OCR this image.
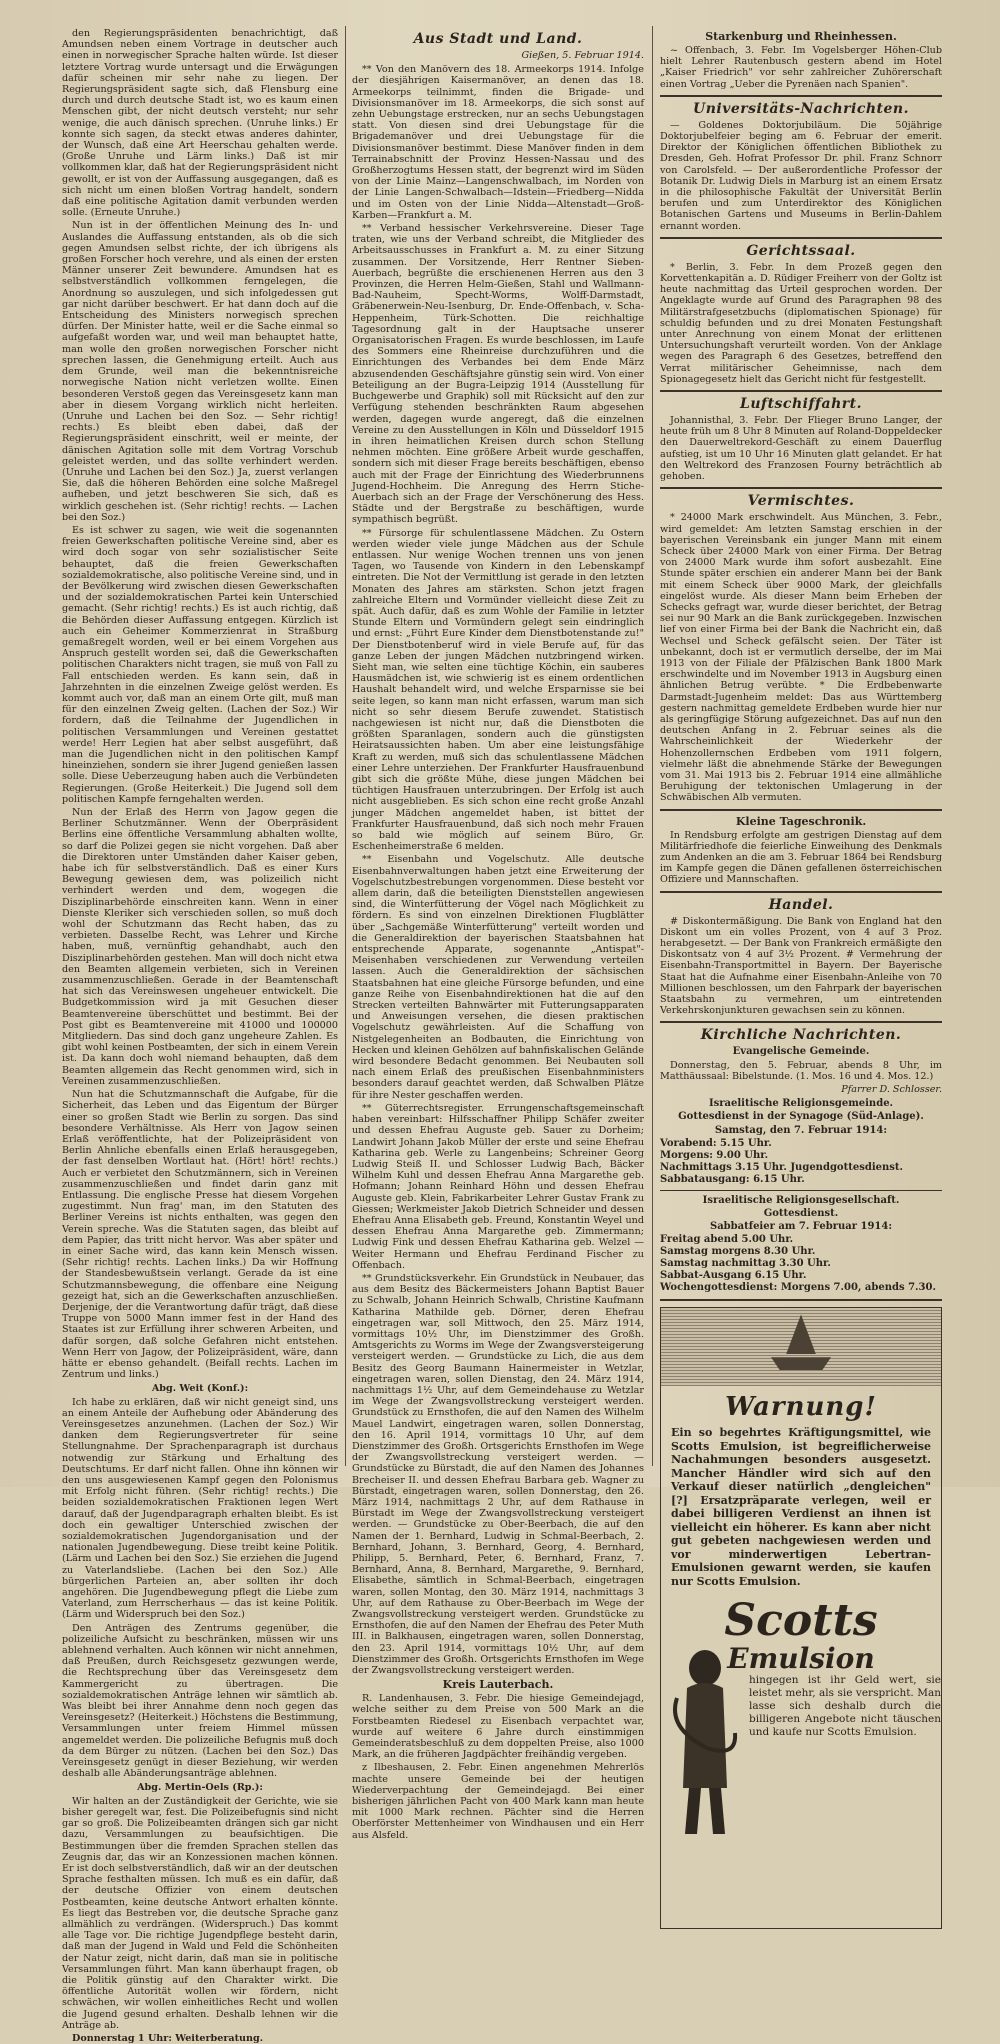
den Regierungspräsidenten benachrichtigt, daß Amundsen neben einem Vortrage in deutscher auch einen in norwegischer Sprache halten würde. Ist dieser letztere Vortrag wurde untersagt und die Erwägungen dafür scheinen mir sehr nahe zu liegen. Der Regierungspräsident sagte sich, daß Flensburg eine durch und durch deutsche Stadt ist, wo es kaum einen Menschen gibt, der nicht deutsch versteht; nur sehr wenige, die auch dänisch sprechen. (Unruhe links.) Er konnte sich sagen, da steckt etwas anderes dahinter, der Wunsch, daß eine Art Heerschau gehalten werde. (Große Unruhe und Lärm links.) Daß ist mir vollkommen klar, daß hat der Regierungspräsident nicht gewollt, er ist von der Auffassung ausgegangen, daß es sich nicht um einen bloßen Vortrag handelt, sondern daß eine politische Agitation damit verbunden werden solle. (Erneute Unruhe.)

Nun ist in der öffentlichen Meinung des In- und Auslandes die Auffassung entstanden, als ob die sich gegen Amundsen selbst richte, der ich übrigens als großen Forscher hoch verehre, und als einen der ersten Männer unserer Zeit bewundere. Amundsen hat es selbstverständlich vollkommen ferngelegen, die Anordnung so auszulegen, und sich infolgedessen gut gar nicht darüber beschwert. Er hat dann doch auf die Entscheidung des Ministers norwegisch sprechen dürfen. Der Minister hatte, weil er die Sache einmal so aufgefaßt worden war, und weil man behauptet hatte, man wolle den großen norwegischen Forscher nicht sprechen lassen, die Genehmigung erteilt. Auch aus dem Grunde, weil man die bekenntnisreiche norwegische Nation nicht verletzen wollte. Einen besonderen Verstoß gegen das Vereinsgesetz kann man aber in diesem Vorgang wirklich nicht herleiten. (Unruhe und Lachen bei den Soz. — Sehr richtig! rechts.) Es bleibt eben dabei, daß der Regierungspräsident einschritt, weil er meinte, der dänischen Agitation solle mit dem Vortrag Vorschub geleistet werden, und das sollte verhindert werden. (Unruhe und Lachen bei den Soz.) Ja, zuerst verlangen Sie, daß die höheren Behörden eine solche Maßregel aufheben, und jetzt beschweren Sie sich, daß es wirklich geschehen ist. (Sehr richtig! rechts. — Lachen bei den Soz.)

Es ist schwer zu sagen, wie weit die sogenannten freien Gewerkschaften politische Vereine sind, aber es wird doch sogar von sehr sozialistischer Seite behauptet, daß die freien Gewerkschaften sozialdemokratische, also politische Vereine sind, und in der Bevölkerung wird zwischen diesen Gewerkschaften und der sozialdemokratischen Partei kein Unterschied gemacht. (Sehr richtig! rechts.) Es ist auch richtig, daß die Behörden dieser Auffassung entgegen. Kürzlich ist auch ein Geheimer Kommerzienrat in Straßburg gemaßregelt worden, weil er bei einem Vorgehen aus Anspruch gestellt worden sei, daß die Gewerkschaften politischen Charakters nicht tragen, sie muß von Fall zu Fall entschieden werden. Es kann sein, daß in Jahrzehnten in die einzelnen Zweige gelöst werden. Es kommt auch vor, daß man an einem Orte gilt, muß man für den einzelnen Zweig gelten. (Lachen der Soz.) Wir fordern, daß die Teilnahme der Jugendlichen in politischen Versammlungen und Vereinen gestattet werde! Herr Legien hat aber selbst ausgeführt, daß man die Jugendlichen nicht in den politischen Kampf hineinziehen, sondern sie ihrer Jugend genießen lassen solle. Diese Ueberzeugung haben auch die Verbündeten Regierungen. (Große Heiterkeit.) Die Jugend soll dem politischen Kampfe ferngehalten werden.

Nun der Erlaß des Herrn von Jagow gegen die Berliner Schutzmänner. Wenn der Oberpräsident Berlins eine öffentliche Versammlung abhalten wollte, so darf die Polizei gegen sie nicht vorgehen. Daß aber die Direktoren unter Umständen daher Kaiser geben, habe ich für selbstverständlich. Daß es einer Kurs Bewegung gewiesen dem, was polizeilich nicht verhindert werden und dem, wogegen die Disziplinarbehörde einschreiten kann. Wenn in einer Dienste Kleriker sich verschieden sollen, so muß doch wohl der Schutzmann das Recht haben, das zu verbieten. Dasselbe Recht, was Lehrer und Kirche haben, muß, vernünftig gehandhabt, auch den Disziplinarbehörden gestehen. Man will doch nicht etwa den Beamten allgemein verbieten, sich in Vereinen zusammenzuschließen. Gerade in der Beamtenschaft hat sich das Vereinswesen ungeheuer entwickelt. Die Budgetkommission wird ja mit Gesuchen dieser Beamtenvereine überschüttet und bestimmt. Bei der Post gibt es Beamtenvereine mit 41000 und 100000 Mitgliedern. Das sind doch ganz ungeheure Zahlen. Es gibt wohl keinen Postbeamten, der sich in einem Verein ist. Da kann doch wohl niemand behaupten, daß dem Beamten allgemein das Recht genommen wird, sich in Vereinen zusammenzuschließen.

Nun hat die Schutzmannschaft die Aufgabe, für die Sicherheit, das Leben und das Eigentum der Bürger einer so großen Stadt wie Berlin zu sorgen. Das sind besondere Verhältnisse. Als Herr von Jagow seinen Erlaß veröffentlichte, hat der Polizeipräsident von Berlin Ahnliche ebenfalls einen Erlaß herausgegeben, der fast denselben Wortlaut hat. (Hört! hört! rechts.) Auch er verbietet den Schutzmännern, sich in Vereinen zusammenzuschließen und findet darin ganz mit Entlassung. Die englische Presse hat diesem Vorgehen zugestimmt. Nun frag' man, im den Statuten des Berliner Vereins ist nichts enthalten, was gegen den Verein spreche. Was die Statuten sagen, das bleibt auf dem Papier, das tritt nicht hervor. Was aber später und in einer Sache wird, das kann kein Mensch wissen. (Sehr richtig! rechts. Lachen links.) Da wir Hoffnung der Standesbewußtsein verlangt. Gerade da ist eine Schutzmannsbewegung, die offenbare eine Neigung gezeigt hat, sich an die Gewerkschaften anzuschließen. Derjenige, der die Verantwortung dafür trägt, daß diese Truppe von 5000 Mann immer fest in der Hand des Staates ist zur Erfüllung ihrer schweren Arbeiten, und dafür sorgen, daß solche Gefahren nicht entstehen. Wenn Herr von Jagow, der Polizeipräsident, wäre, dann hätte er ebenso gehandelt. (Beifall rechts. Lachen im Zentrum und links.)

Abg. Weit (Konf.):

Ich habe zu erklären, daß wir nicht geneigt sind, uns an einem Anteile der Aufhebung oder Abänderung des Vereinsgesetzes anzunehmen. (Lachen der Soz.) Wir danken dem Regierungsvertreter für seine Stellungnahme. Der Sprachenparagraph ist durchaus notwendig zur Stärkung und Erhaltung des Deutschtums. Er darf nicht fallen. Ohne ihn können wir den uns ausgewiesenen Kampf gegen den Polonismus mit Erfolg nicht führen. (Sehr richtig! rechts.) Die beiden sozialdemokratischen Fraktionen legen Wert darauf, daß der Jugendparagraph erhalten bleibt. Es ist doch ein gewaltiger Unterschied zwischen der sozialdemokratischen Jugendorganisation und der nationalen Jugendbewegung. Diese treibt keine Politik. (Lärm und Lachen bei den Soz.) Sie erziehen die Jugend zu Vaterlandsliebe. (Lachen bei den Soz.) Alle bürgerlichen Parteien an, aber sollten ihr doch angehören. Die Jugendbewegung pflegt die Liebe zum Vaterland, zum Herrscherhaus — das ist keine Politik. (Lärm und Widerspruch bei den Soz.)

Den Anträgen des Zentrums gegenüber, die polizeiliche Aufsicht zu beschränken, müssen wir uns ablehnend verhalten. Auch können wir nicht annehmen, daß Preußen, durch Reichsgesetz gezwungen werde, die Rechtsprechung über das Vereinsgesetz dem Kammergericht zu übertragen. Die sozialdemokratischen Anträge lehnen wir sämtlich ab. Was bleibt bei ihrer Annahme denn noch gegen das Vereinsgesetz? (Heiterkeit.) Höchstens die Bestimmung, Versammlungen unter freiem Himmel müssen angemeldet werden. Die polizeiliche Befugnis muß doch da dem Bürger zu nützen. (Lachen bei den Soz.) Das Vereinsgesetz genügt in dieser Beziehung, wir werden deshalb alle Abänderungsanträge ablehnen.

Abg. Mertin-Oels (Rp.):

Wir halten an der Zuständigkeit der Gerichte, wie sie bisher geregelt war, fest. Die Polizeibefugnis sind nicht gar so groß. Die Polizeibeamten drängen sich gar nicht dazu, Versammlungen zu beaufsichtigen. Die Bestimmungen über die fremden Sprachen stellen das Zeugnis dar, das wir an Konzessionen machen können. Er ist doch selbstverständlich, daß wir an der deutschen Sprache festhalten müssen. Ich muß es ein dafür, daß der deutsche Offizier von einem deutschen Postbeamten, keine deutsche Antwort erhalten könnte. Es liegt das Bestreben vor, die deutsche Sprache ganz allmählich zu verdrängen. (Widerspruch.) Das kommt alle Tage vor. Die richtige Jugendpflege besteht darin, daß man der Jugend in Wald und Feld die Schönheiten der Natur zeigt, nicht darin, daß man sie in politische Versammlungen führt. Man kann überhaupt fragen, ob die Politik günstig auf den Charakter wirkt. Die öffentliche Autorität wollen wir fördern, nicht schwächen, wir wollen einheitliches Recht und wollen die Jugend gesund erhalten. Deshalb lehnen wir die Anträge ab.

Donnerstag 1 Uhr: Weiterberatung.

Aus Stadt und Land.
Gießen, 5. Februar 1914.

** Von den Manövern des 18. Armeekorps 1914. Infolge der diesjährigen Kaisermanöver, an denen das 18. Armeekorps teilnimmt, finden die Brigade- und Divisionsmanöver im 18. Armeekorps, die sich sonst auf zehn Uebungstage erstrecken, nur an sechs Uebungstagen statt. Von diesen sind drei Uebungstage für die Brigademanöver und drei Uebungstage für die Divisionsmanöver bestimmt. Diese Manöver finden in dem Terrainabschnitt der Provinz Hessen-Nassau und des Großherzogtums Hessen statt, der begrenzt wird im Süden von der Linie Mainz—Langenschwalbach, im Norden von der Linie Langen-Schwalbach—Idstein—Friedberg—Nidda und im Osten von der Linie Nidda—Altenstadt—Groß-Karben—Frankfurt a. M.

** Verband hessischer Verkehrsvereine. Dieser Tage traten, wie uns der Verband schreibt, die Mitglieder des Arbeitsausschusses in Frankfurt a. M. zu einer Sitzung zusammen. Der Vorsitzende, Herr Rentner Sieben-Auerbach, begrüßte die erschienenen Herren aus den 3 Provinzen, die Herren Helm-Gießen, Stahl und Wallmann-Bad-Nauheim, Specht-Worms, Wolff-Darmstadt, Gräbenerwein-Neu-Isenburg, Dr. Ende-Offenbach, v. Scha-Heppenheim, Türk-Schotten. Die reichhaltige Tagesordnung galt in der Hauptsache unserer Organisatorischen Fragen. Es wurde beschlossen, im Laufe des Sommers eine Rheinreise durchzuführen und die Einrichtungen des Verbandes bei dem Ende März abzusendenden Geschäftsjahre günstig sein wird. Von einer Beteiligung an der Bugra-Leipzig 1914 (Ausstellung für Buchgewerbe und Graphik) soll mit Rücksicht auf den zur Verfügung stehenden beschränkten Raum abgesehen werden, dagegen wurde angeregt, daß die einzelnen Vereine zu den Ausstellungen in Köln und Düsseldorf 1915 in ihren heimatlichen Kreisen durch schon Stellung nehmen möchten. Eine größere Arbeit wurde geschaffen, sondern sich mit dieser Frage bereits beschäftigen, ebenso auch mit der Frage der Einrichtung des Wiederbrunnens Jugend-Hochheim. Die Anregung des Herrn Stiche-Auerbach sich an der Frage der Verschönerung des Hess. Städte und der Bergstraße zu beschäftigen, wurde sympathisch begrüßt.

** Fürsorge für schulentlassene Mädchen. Zu Ostern werden wieder viele junge Mädchen aus der Schule entlassen. Nur wenige Wochen trennen uns von jenen Tagen, wo Tausende von Kindern in den Lebenskampf eintreten. Die Not der Vermittlung ist gerade in den letzten Monaten des Jahres am stärksten. Schon jetzt fragen zahlreiche Eltern und Vormünder vielleicht diese Zeit zu spät. Auch dafür, daß es zum Wohle der Familie in letzter Stunde Eltern und Vormündern gelegt sein eindringlich und ernst: „Führt Eure Kinder dem Dienstbotenstande zu!" Der Dienstbotenberuf wird in viele Berufe auf, für das ganze Leben der jungen Mädchen nutzbringend wirken. Sieht man, wie selten eine tüchtige Köchin, ein sauberes Hausmädchen ist, wie schwierig ist es einem ordentlichen Haushalt behandelt wird, und welche Ersparnisse sie bei seite legen, so kann man nicht erfassen, warum man sich nicht so sehr diesem Berufe zuwendet. Statistisch nachgewiesen ist nicht nur, daß die Dienstboten die größten Sparanlagen, sondern auch die günstigsten Heiratsaussichten haben. Um aber eine leistungsfähige Kraft zu werden, muß sich das schulentlassene Mädchen einer Lehre unterziehen. Der Frankfurter Hausfrauenbund gibt sich die größte Mühe, diese jungen Mädchen bei tüchtigen Hausfrauen unterzubringen. Der Erfolg ist auch nicht ausgeblieben. Es sich schon eine recht große Anzahl junger Mädchen angemeldet haben, ist bittet der Frankfurter Hausfrauenbund, daß sich noch mehr Frauen so bald wie möglich auf seinem Büro, Gr. Eschenheimerstraße 6 melden.

** Eisenbahn und Vogelschutz. Alle deutsche Eisenbahnverwaltungen haben jetzt eine Erweiterung der Vogelschutzbestrebungen vorgenommen. Diese besteht vor allem darin, daß die beteiligten Dienststellen angewiesen sind, die Winterfütterung der Vögel nach Möglichkeit zu fördern. Es sind von einzelnen Direktionen Flugblätter über „Sachgemäße Winterfütterung" verteilt worden und die Generaldirektion der bayerischen Staatsbahnen hat entsprechende Apparate, sogenannte „Antispat"- Meisenhaben verschiedenen zur Verwendung verteilen lassen. Auch die Generaldirektion der sächsischen Staatsbahnen hat eine gleiche Fürsorge befunden, und eine ganze Reihe von Eisenbahndirektionen hat die auf den Strecken verteilten Bahnwärter mit Futterungsapparaten und Anweisungen versehen, die diesen praktischen Vogelschutz gewährleisten. Auf die Schaffung von Nistgelegenheiten an Bodbauten, die Einrichtung von Hecken und kleinen Gehölzen auf bahnfiskalischen Gelände wird besondere Bedacht genommen. Bei Neubauten soll nach einem Erlaß des preußischen Eisenbahnministers besonders darauf geachtet werden, daß Schwalben Plätze für ihre Nester geschaffen werden.

** Güterrechtsregister. Errungenschaftsgemeinschaft haben vereinbart: Hilfsschaffner Philipp Schäfer zweiter und dessen Ehefrau Auguste geb. Sauer zu Dorheim; Landwirt Johann Jakob Müller der erste und seine Ehefrau Katharina geb. Werle zu Langenbeins; Schreiner Georg Ludwig Steiß II. und Schlosser Ludwig Bach, Bäcker Wilhelm Kuhl und dessen Ehefrau Anna Margarethe geb. Hofmann; Johann Reinhard Höhn und dessen Ehefrau Auguste geb. Klein, Fabrikarbeiter Lehrer Gustav Frank zu Giessen; Werkmeister Jakob Dietrich Schneider und dessen Ehefrau Anna Elisabeth geb. Freund, Konstantin Weyel und dessen Ehefrau Anna Margarethe geb. Zimmermann; Ludwig Fink und dessen Ehefrau Katharina geb. Welzel — Weiter Hermann und Ehefrau Ferdinand Fischer zu Offenbach.

** Grundstücksverkehr. Ein Grundstück in Neubauer, das aus dem Besitz des Bäckermeisters Johann Baptist Bauer zu Schwalb, Johann Heinrich Schwalb, Christine Kaufmann Katharina Mathilde geb. Dörner, deren Ehefrau eingetragen war, soll Mittwoch, den 25. März 1914, vormittags 10½ Uhr, im Dienstzimmer des Großh. Amtsgerichts zu Worms im Wege der Zwangsversteigerung versteigert werden. — Grundstücke zu Lich, die aus dem Besitz des Georg Baumann Hainermeister in Wetzlar, eingetragen waren, sollen Dienstag, den 24. März 1914, nachmittags 1½ Uhr, auf dem Gemeindehause zu Wetzlar im Wege der Zwangsvollstreckung versteigert werden. Grundstück zu Ernsthofen, die auf den Namen des Wilhelm Mauel Landwirt, eingetragen waren, sollen Donnerstag, den 16. April 1914, vormittags 10 Uhr, auf dem Dienstzimmer des Großh. Ortsgerichts Ernsthofen im Wege der Zwangsvollstreckung versteigert werden. — Grundstücke zu Bürstadt, die auf den Namen des Johannes Brecheiser II. und dessen Ehefrau Barbara geb. Wagner zu Bürstadt, eingetragen waren, sollen Donnerstag, den 26. März 1914, nachmittags 2 Uhr, auf dem Rathause in Bürstadt im Wege der Zwangsvollstreckung versteigert werden. — Grundstücke zu Ober-Beerbach, die auf den Namen der 1. Bernhard, Ludwig in Schmal-Beerbach, 2. Bernhard, Johann, 3. Bernhard, Georg, 4. Bernhard, Philipp, 5. Bernhard, Peter, 6. Bernhard, Franz, 7. Bernhard, Anna, 8. Bernhard, Margarethe, 9. Bernhard, Elisabethe, sämtlich in Schmal-Beerbach, eingetragen waren, sollen Montag, den 30. März 1914, nachmittags 3 Uhr, auf dem Rathause zu Ober-Beerbach im Wege der Zwangsvollstreckung versteigert werden. Grundstücke zu Ernsthofen, die auf den Namen der Ehefrau des Peter Muth III. in Balkhausen, eingetragen waren, sollen Donnerstag, den 23. April 1914, vormittags 10½ Uhr, auf dem Dienstzimmer des Großh. Ortsgerichts Ernsthofen im Wege der Zwangsvollstreckung versteigert werden.

Kreis Lauterbach.

R. Landenhausen, 3. Febr. Die hiesige Gemeindejagd, welche seither zu dem Preise von 500 Mark an die Forstbeamten Riedesel zu Eisenbach verpachtet war, wurde auf weitere 6 Jahre durch einstimmigen Gemeinderatsbeschluß zu dem doppelten Preise, also 1000 Mark, an die früheren Jagdpächter freihändig vergeben.

z Ilbeshausen, 2. Febr. Einen angenehmen Mehrerlös machte unsere Gemeinde bei der heutigen Wiederverpachtung der Gemeindejagd. Bei einer bisherigen jährlichen Pacht von 400 Mark kann man heute mit 1000 Mark rechnen. Pächter sind die Herren Oberförster Mettenheimer von Windhausen und ein Herr aus Alsfeld.

Starkenburg und Rheinhessen.

~ Offenbach, 3. Febr. Im Vogelsberger Höhen-Club hielt Lehrer Rautenbusch gestern abend im Hotel „Kaiser Friedrich" vor sehr zahlreicher Zuhörerschaft einen Vortrag „Ueber die Pyrenäen nach Spanien".

Universitäts-Nachrichten.

— Goldenes Doktorjubiläum. Die 50jährige Doktorjubelfeier beging am 6. Februar der emerit. Direktor der Königlichen öffentlichen Bibliothek zu Dresden, Geh. Hofrat Professor Dr. phil. Franz Schnorr von Carolsfeld. — Der außerordentliche Professor der Botanik Dr. Ludwig Diels in Marburg ist an einem Ersatz in die philosophische Fakultät der Universität Berlin berufen und zum Unterdirektor des Königlichen Botanischen Gartens und Museums in Berlin-Dahlem ernannt worden.

Gerichtssaal.

* Berlin, 3. Febr. In dem Prozeß gegen den Korvettenkapitän a. D. Rüdiger Freiherr von der Goltz ist heute nachmittag das Urteil gesprochen worden. Der Angeklagte wurde auf Grund des Paragraphen 98 des Militärstrafgesetzbuchs (diplomatischen Spionage) für schuldig befunden und zu drei Monaten Festungshaft unter Anrechnung von einem Monat der erlittenen Untersuchungshaft verurteilt worden. Von der Anklage wegen des Paragraph 6 des Gesetzes, betreffend den Verrat militärischer Geheimnisse, nach dem Spionagegesetz hielt das Gericht nicht für festgestellt.

Luftschiffahrt.

Johannisthal, 3. Febr. Der Flieger Bruno Langer, der heute früh um 8 Uhr 8 Minuten auf Roland-Doppeldecker den Dauerweltrekord-Geschäft zu einem Dauerflug aufstieg, ist um 10 Uhr 16 Minuten glatt gelandet. Er hat den Weltrekord des Franzosen Fourny beträchtlich ab gehoben.

Vermischtes.

* 24000 Mark erschwindelt. Aus München, 3. Febr., wird gemeldet: Am letzten Samstag erschien in der bayerischen Vereinsbank ein junger Mann mit einem Scheck über 24000 Mark von einer Firma. Der Betrag von 24000 Mark wurde ihm sofort ausbezahlt. Eine Stunde später erschien ein anderer Mann bei der Bank mit einem Scheck über 9000 Mark, der gleichfalls eingelöst wurde. Als dieser Mann beim Erheben der Schecks gefragt war, wurde dieser berichtet, der Betrag sei nur 90 Mark an die Bank zurückgegeben. Inzwischen lief von einer Firma bei der Bank die Nachricht ein, daß Wechsel und Scheck gefälscht seien. Der Täter ist unbekannt, doch ist er vermutlich derselbe, der im Mai 1913 von der Filiale der Pfälzischen Bank 1800 Mark erschwindelte und im November 1913 in Augsburg einen ähnlichen Betrug verübte. * Die Erdbebenwarte Darmstadt-Jugenheim meldet: Das aus Württemberg gestern nachmittag gemeldete Erdbeben wurde hier nur als geringfügige Störung aufgezeichnet. Das auf nun den deutschen Anfang in 2. Februar seines als die Wahrscheinlichkeit der Wiederkehr der Hohenzollernschen Erdbeben vom 1911 folgern, vielmehr läßt die abnehmende Stärke der Bewegungen vom 31. Mai 1913 bis 2. Februar 1914 eine allmähliche Beruhigung der tektonischen Umlagerung in der Schwäbischen Alb vermuten.

Kleine Tageschronik.

In Rendsburg erfolgte am gestrigen Dienstag auf dem Militärfriedhofe die feierliche Einweihung des Denkmals zum Andenken an die am 3. Februar 1864 bei Rendsburg im Kampfe gegen die Dänen gefallenen österreichischen Offiziere und Mannschaften.

Handel.

# Diskontermäßigung. Die Bank von England hat den Diskont um ein volles Prozent, von 4 auf 3 Proz. herabgesetzt. — Der Bank von Frankreich ermäßigte den Diskontsatz von 4 auf 3½ Prozent. # Vermehrung der Eisenbahn-Transportmittel in Bayern. Der Bayerische Staat hat die Aufnahme einer Eisenbahn-Anleihe von 70 Millionen beschlossen, um den Fahrpark der bayerischen Staatsbahn zu vermehren, um eintretenden Verkehrskonjunkturen gewachsen sein zu können.

Kirchliche Nachrichten.
Evangelische Gemeinde.

Donnerstag, den 5. Februar, abends 8 Uhr, im Matthäussaal: Bibelstunde. (1. Mos. 16 und 4. Mos. 12.)

Pfarrer D. Schlosser.
Israelitische Religionsgemeinde.
Gottesdienst in der Synagoge (Süd-Anlage).
Samstag, den 7. Februar 1914:
Vorabend: 5.15 Uhr.
Morgens: 9.00 Uhr.
Nachmittags 3.15 Uhr. Jugendgottesdienst.
Sabbatausgang: 6.15 Uhr.
Israelitische Religionsgesellschaft.
Gottesdienst.
Sabbatfeier am 7. Februar 1914:
Freitag abend 5.00 Uhr.
Samstag morgens 8.30 Uhr.
Samstag nachmittag 3.30 Uhr.
Sabbat-Ausgang 6.15 Uhr.
Wochengottesdienst: Morgens 7.00, abends 7.30.
Warnung!
Ein so begehrtes Kräftigungsmittel, wie Scotts Emulsion, ist begreiflicherweise Nachahmungen besonders ausgesetzt. Mancher Händler wird sich auf den Verkauf dieser natürlich „dengleichen" [?] Ersatzpräparate verlegen, weil er dabei billigeren Verdienst an ihnen ist vielleicht ein höherer. Es kann aber nicht gut gebeten nachgewiesen werden und vor minderwertigen Lebertran-Emulsionen gewarnt werden, sie kaufen nur Scotts Emulsion.
Scotts
Emulsion
hingegen ist ihr Geld wert, sie leistet mehr, als sie verspricht. Man lasse sich deshalb durch die billigeren Angebote nicht täuschen und kaufe nur Scotts Emulsion.
